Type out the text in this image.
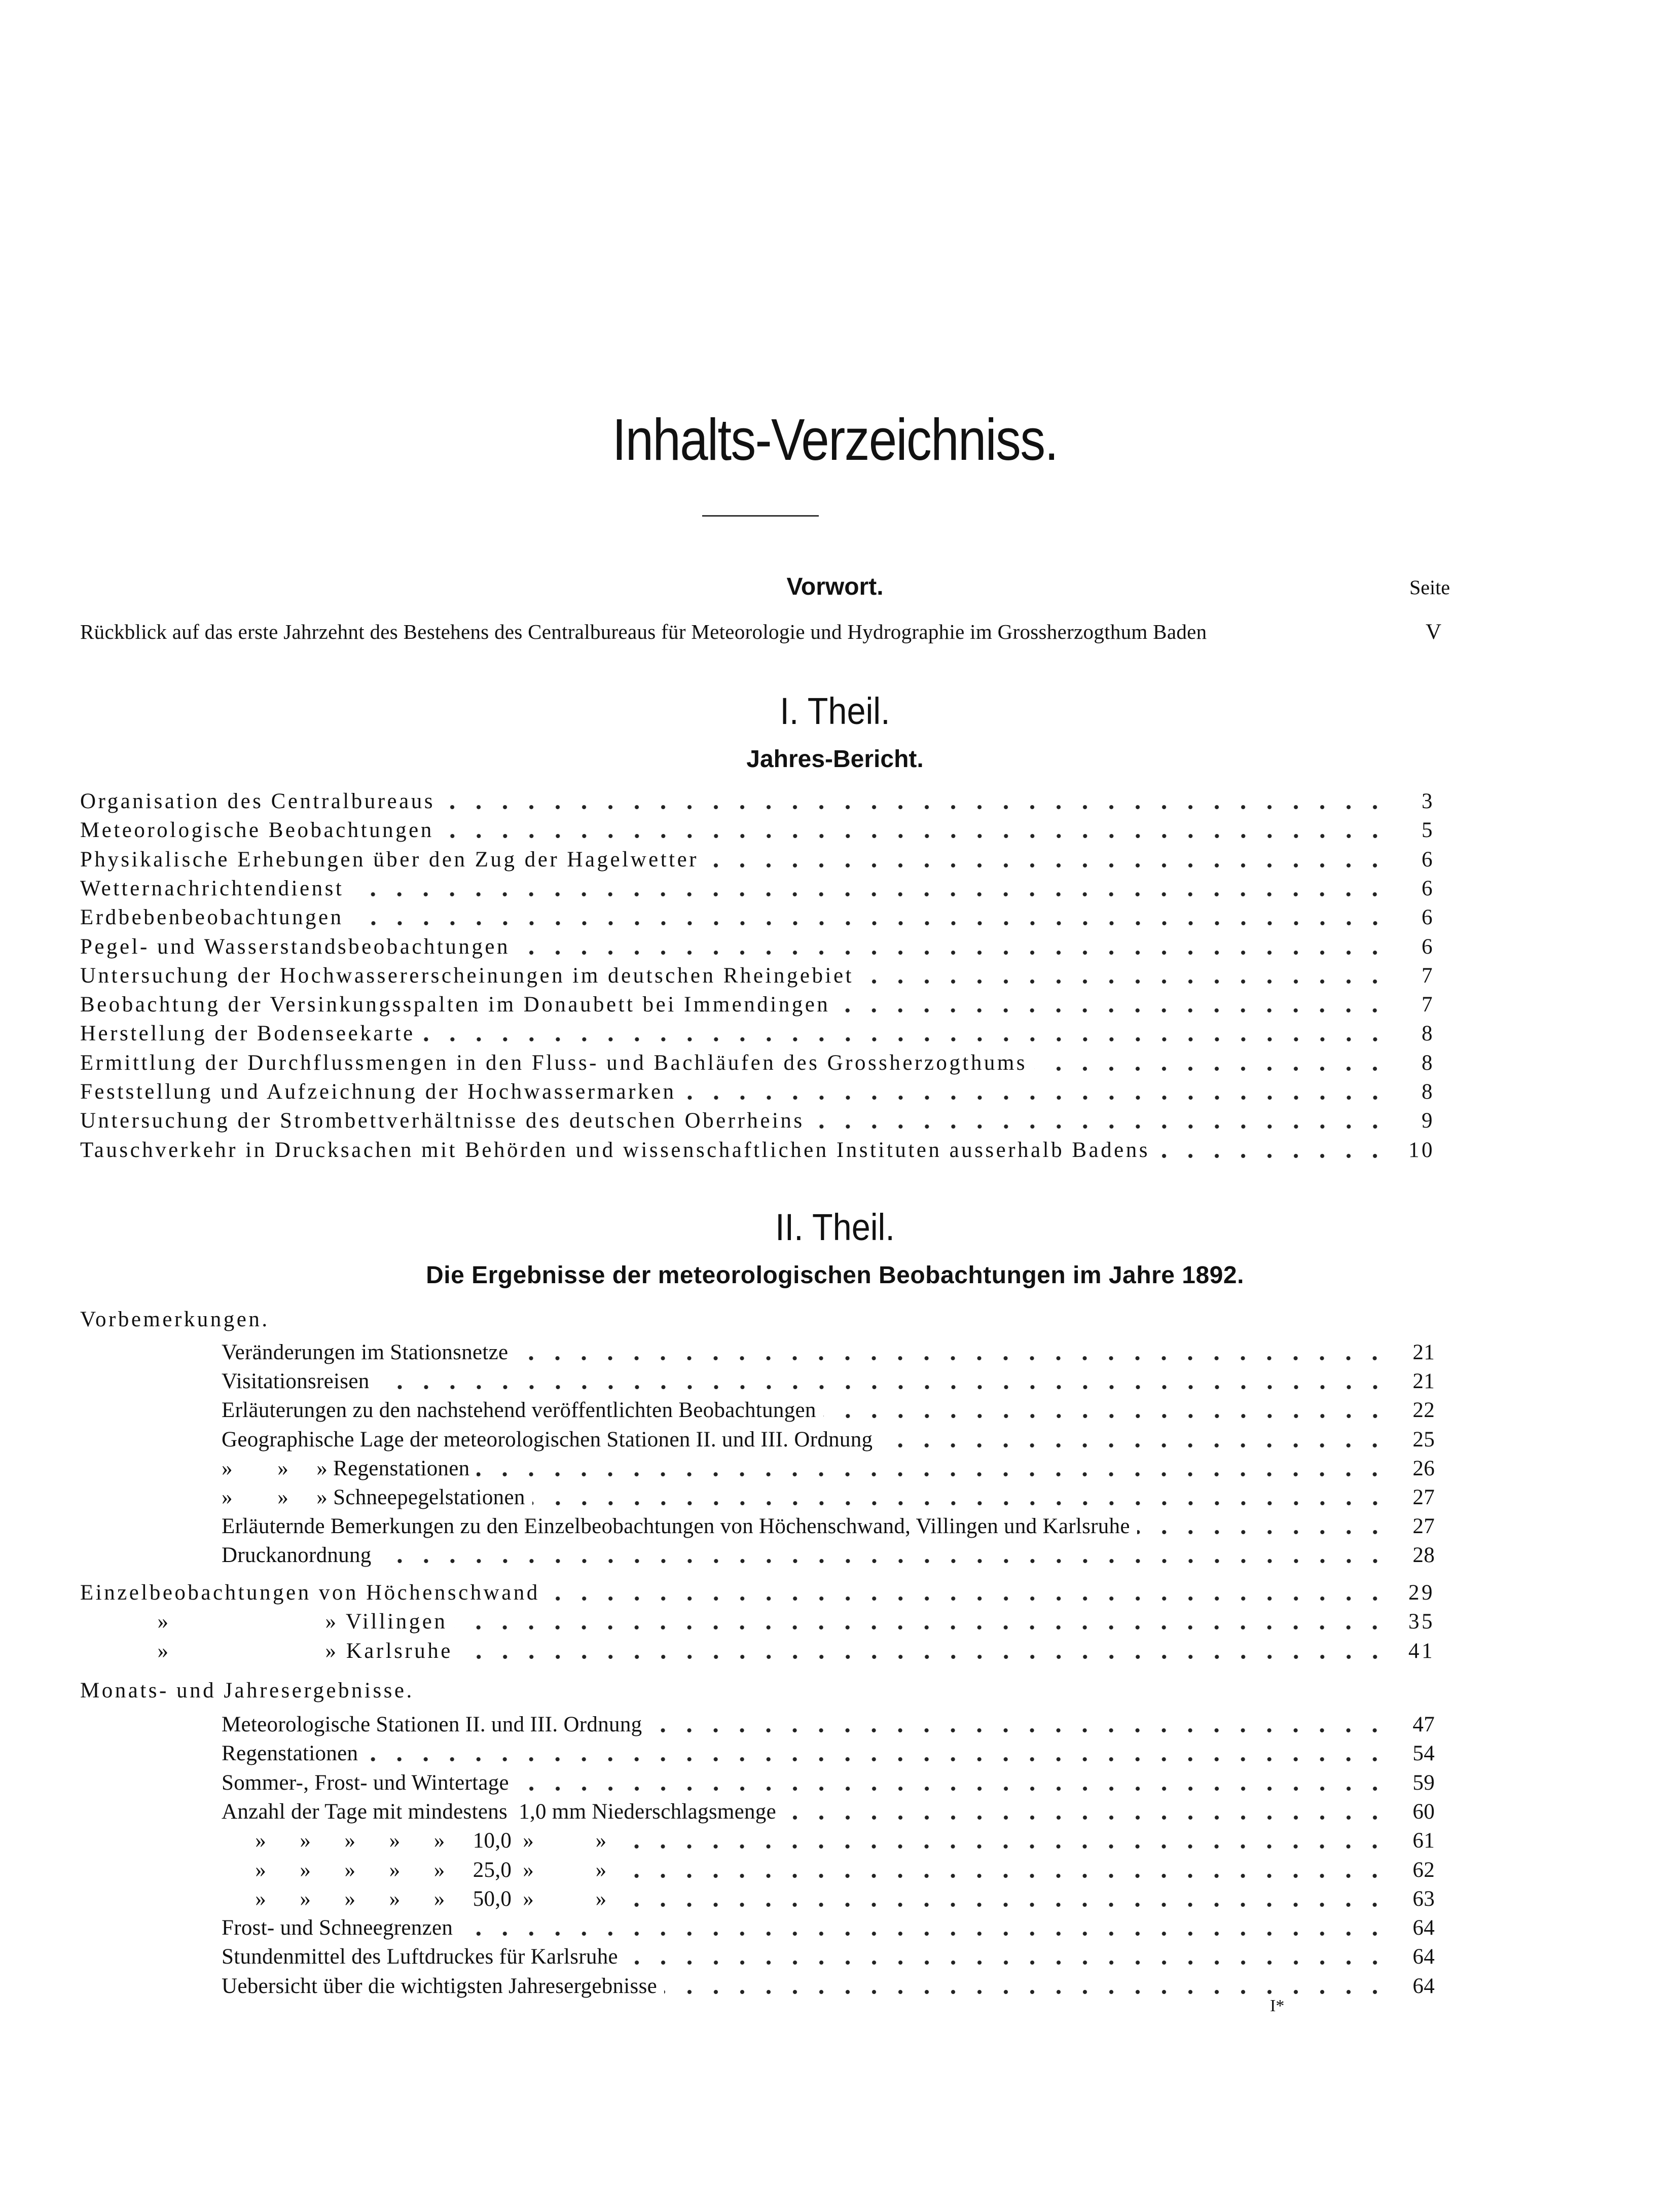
Inhalts-Verzeichniss.
Vorwort.	Seite
Rückblick auf das erste Jahrzehnt des Bestehens des Centralbureaus für Meteorologie und Hydrographie im Grossherzogthum Baden	V
I. Theil.
Jahres-Bericht.
Organisation des Centralbureaus	3
Meteorologische Beobachtungen	5
Physikalische Erhebungen über den Zug der Hagelwetter	6
Wetternachrichtendienst	6
Erdbebenbeobachtungen	6
Pegel- und Wasserstandsbeobachtungen	6
Untersuchung der Hochwassererscheinungen im deutschen Rheingebiet	7
Beobachtung der Versinkungsspalten im Donaubett bei Immendingen	7
Herstellung der Bodenseekarte	8
Ermittlung der Durchflussmengen in den Fluss- und Bachläufen des Grossherzogthums	8
Feststellung und Aufzeichnung der Hochwassermarken	8
Untersuchung der Strombettverhältnisse des deutschen Oberrheins	9
Tauschverkehr in Drucksachen mit Behörden und wissenschaftlichen Instituten ausserhalb Badens	10
II. Theil.
Die Ergebnisse der meteorologischen Beobachtungen im Jahre 1892.
Vorbemerkungen.
Veränderungen im Stationsnetze	21
Visitationsreisen	21
Erläuterungen zu den nachstehend veröffentlichten Beobachtungen	22
Geographische Lage der meteorologischen Stationen II. und III. Ordnung	25
»        »     » Regenstationen	26
»        »     » Schneepegelstationen	27
Erläuternde Bemerkungen zu den Einzelbeobachtungen von Höchenschwand, Villingen und Karlsruhe	27
Druckanordnung	28
Einzelbeobachtungen von Höchenschwand	29
»                    » Villingen	35
»                    » Karlsruhe	41
Monats- und Jahresergebnisse.
Meteorologische Stationen II. und III. Ordnung	47
Regenstationen	54
Sommer-, Frost- und Wintertage	59
Anzahl der Tage mit mindestens  1,0 mm Niederschlagsmenge	60
»      »      »      »      »     10,0  »           »	61
»      »      »      »      »     25,0  »           »	62
»      »      »      »      »     50,0  »           »	63
Frost- und Schneegrenzen	64
Stundenmittel des Luftdruckes für Karlsruhe	64
Uebersicht über die wichtigsten Jahresergebnisse	64
I*
